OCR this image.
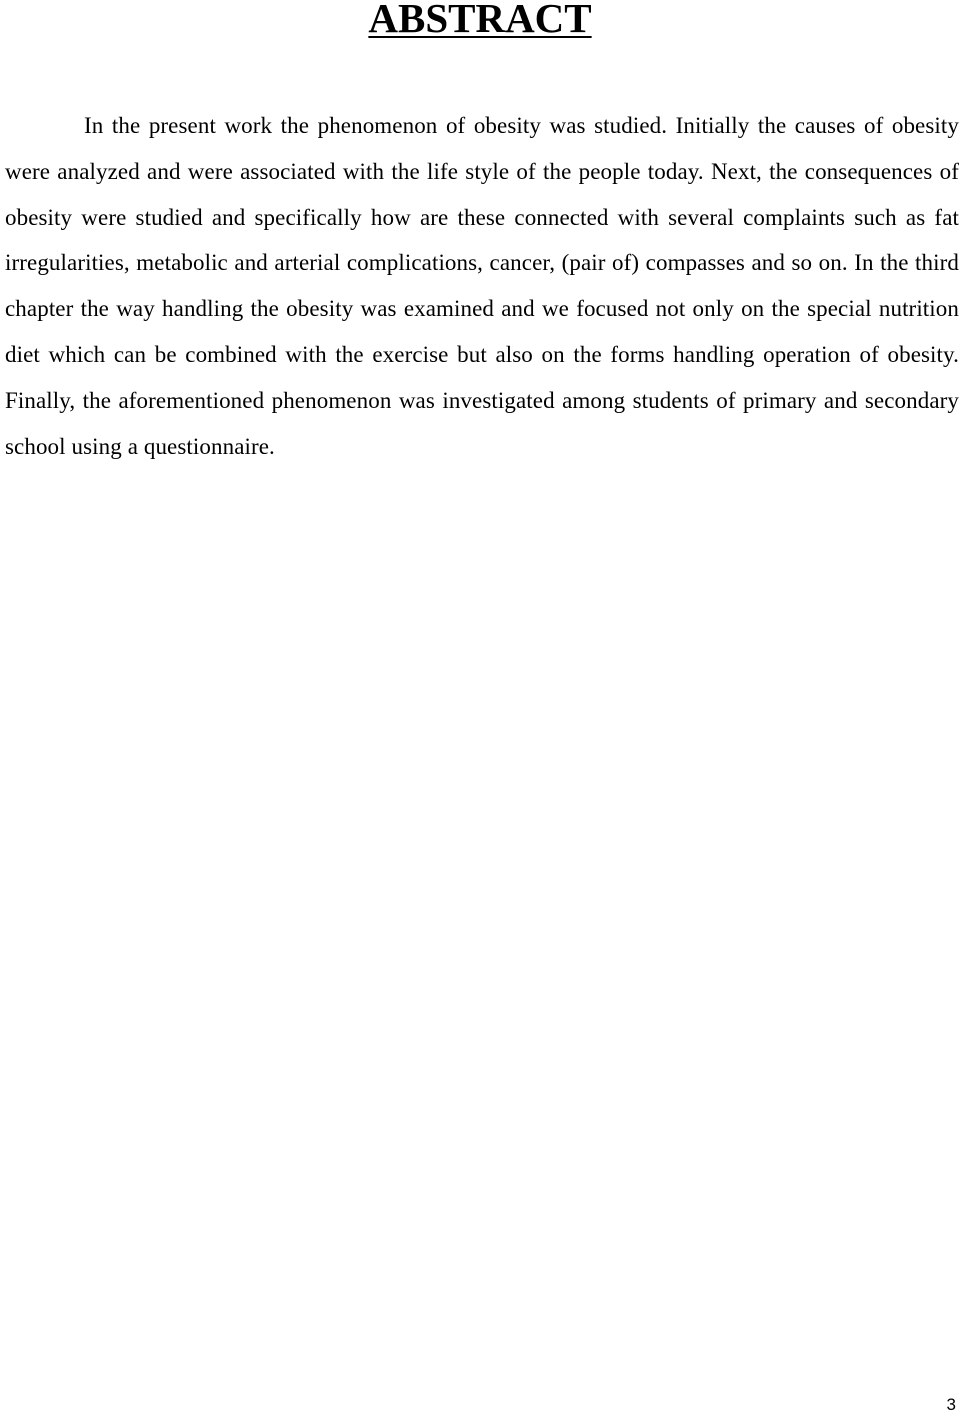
ABSTRACT

In the present work the phenomenon of obesity was studied. Initially the causes of obesity were analyzed and were associated with the life style of the people today. Next, the consequences of obesity were studied and specifically how are these connected with several complaints such as fat irregularities, metabolic and arterial complications, cancer, (pair of) compasses and so on. In the third chapter the way handling the obesity was examined and we focused not only on the special nutrition diet which can be combined with the exercise but also on the forms handling operation of obesity. Finally, the aforementioned phenomenon was investigated among students of primary and secondary school using a questionnaire.

3
